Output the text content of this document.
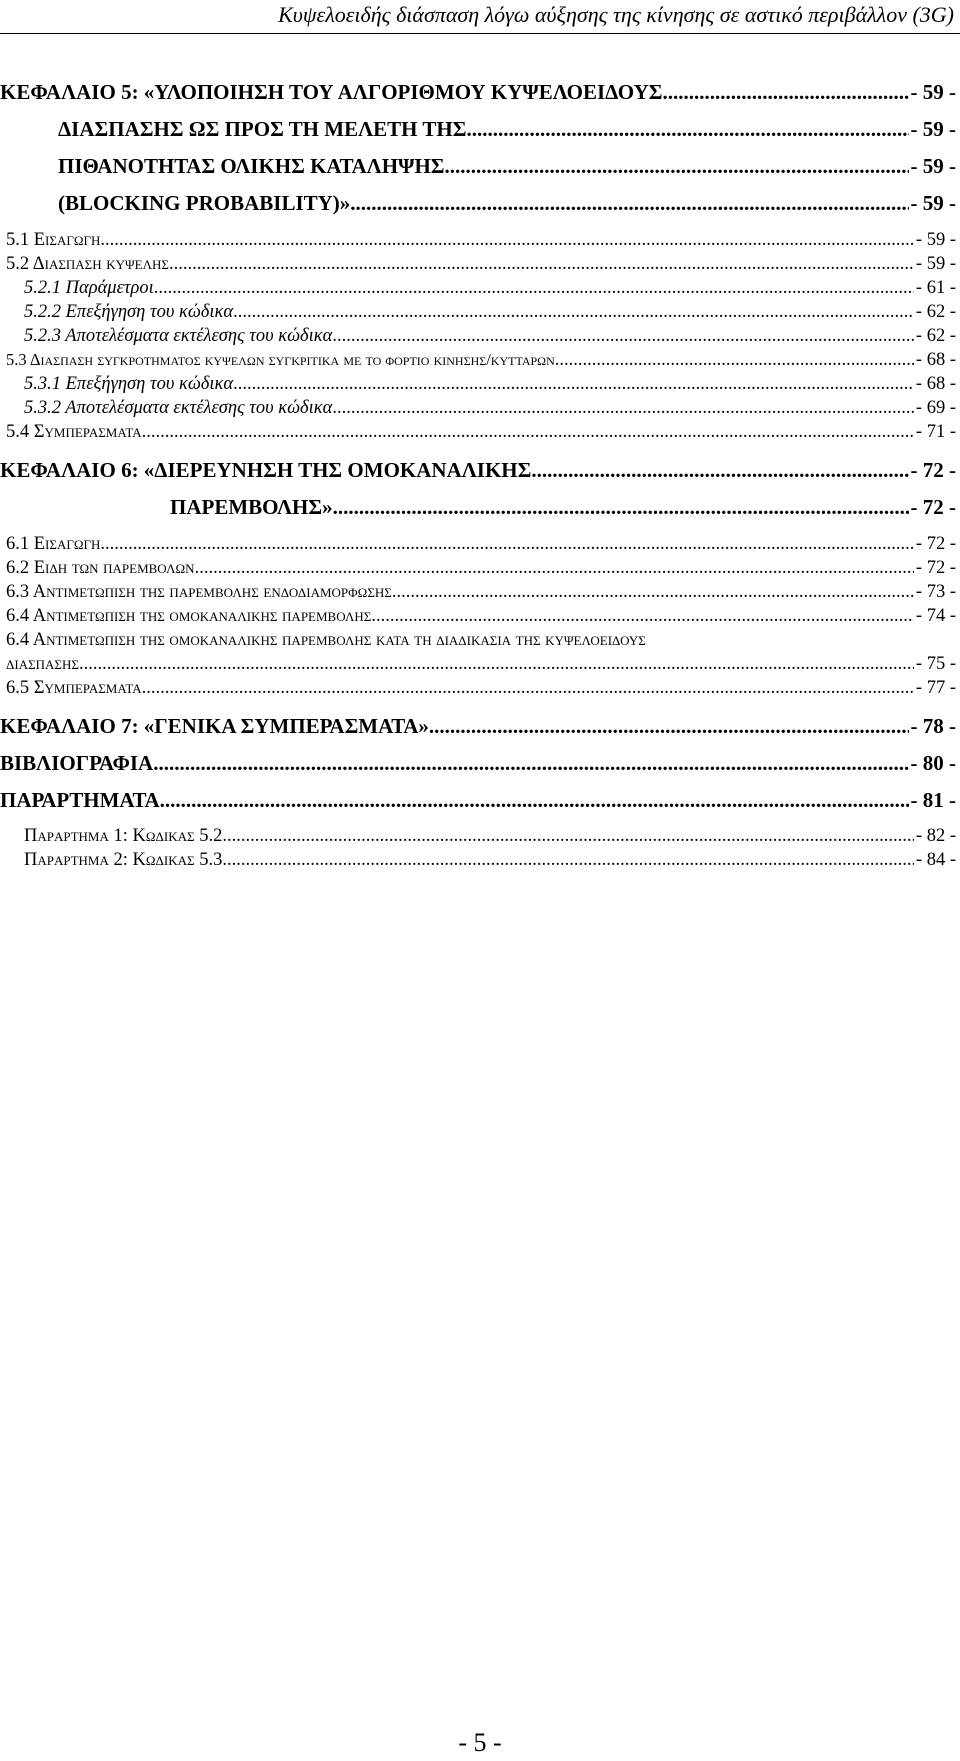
Κυψελοειδής διάσπαση λόγω αύξησης της κίνησης σε αστικό περιβάλλον (3G)
ΚΕΦΑΛΑΙΟ 5: «ΥΛΟΠΟΙΗΣΗ ΤΟΥ ΑΛΓΟΡΙΘΜΟΥ ΚΥΨΕΛΟΕΙΔΟΥΣ .....	- 59 -
ΔΙΑΣΠΑΣΗΣ ΩΣ ΠΡΟΣ ΤΗ ΜΕΛΕΤΗ ΤΗΣ .....	- 59 -
ΠΙΘΑΝΟΤΗΤΑΣ ΟΛΙΚΗΣ ΚΑΤΑΛΗΨΗΣ .....	- 59 -
(BLOCKING PROBABILITY)» .....	- 59 -
5.1 Εισαγωγη .....	- 59 -
5.2 Διασπαση κυψελησ .....	- 59 -
5.2.1 Παράμετροι .....	- 61 -
5.2.2 Επεξήγηση του κώδικα .....	- 62 -
5.2.3 Αποτελέσματα εκτέλεσης του κώδικα .....	- 62 -
5.3 Διασπαση συγκροτηματος κυψελων συγκριτικα με το φορτιο κινησησ/κυτταρων .....	- 68 -
5.3.1 Επεξήγηση του κώδικα .....	- 68 -
5.3.2 Αποτελέσματα εκτέλεσης του κώδικα .....	- 69 -
5.4 Συμπερασματα .....	- 71 -
ΚΕΦΑΛΑΙΟ 6: «ΔΙΕΡΕΥΝΗΣΗ ΤΗΣ ΟΜΟΚΑΝΑΛΙΚΗΣ .....	- 72 -
ΠΑΡΕΜΒΟΛΗΣ» .....	- 72 -
6.1 Εισαγωγη .....	- 72 -
6.2 Ειδη των παρεμβολων .....	- 72 -
6.3 Αντιμετωπιση της παρεμβολης ενδοδιαμορφωσης .....	- 73 -
6.4 Αντιμετωπιση της ομοκαναλικης παρεμβολησ .....	- 74 -
6.4 Αντιμετωπιση της ομοκαναλικης παρεμβολης κατα τη διαδικασια της κυψελοειδους
διασπασησ .....	- 75 -
6.5 Συμπερασματα .....	- 77 -
ΚΕΦΑΛΑΙΟ 7: «ΓΕΝΙΚΑ ΣΥΜΠΕΡΑΣΜΑΤΑ» .....	- 78 -
ΒΙΒΛΙΟΓΡΑΦΙΑ .....	- 80 -
ΠΑΡΑΡΤΗΜΑΤΑ .....	- 81 -
Παρaρτημα 1: Κωδικας 5.2 .....	- 82 -
Παρaρτημα 2: Κωδικας 5.3 .....	- 84 -
- 5 -
